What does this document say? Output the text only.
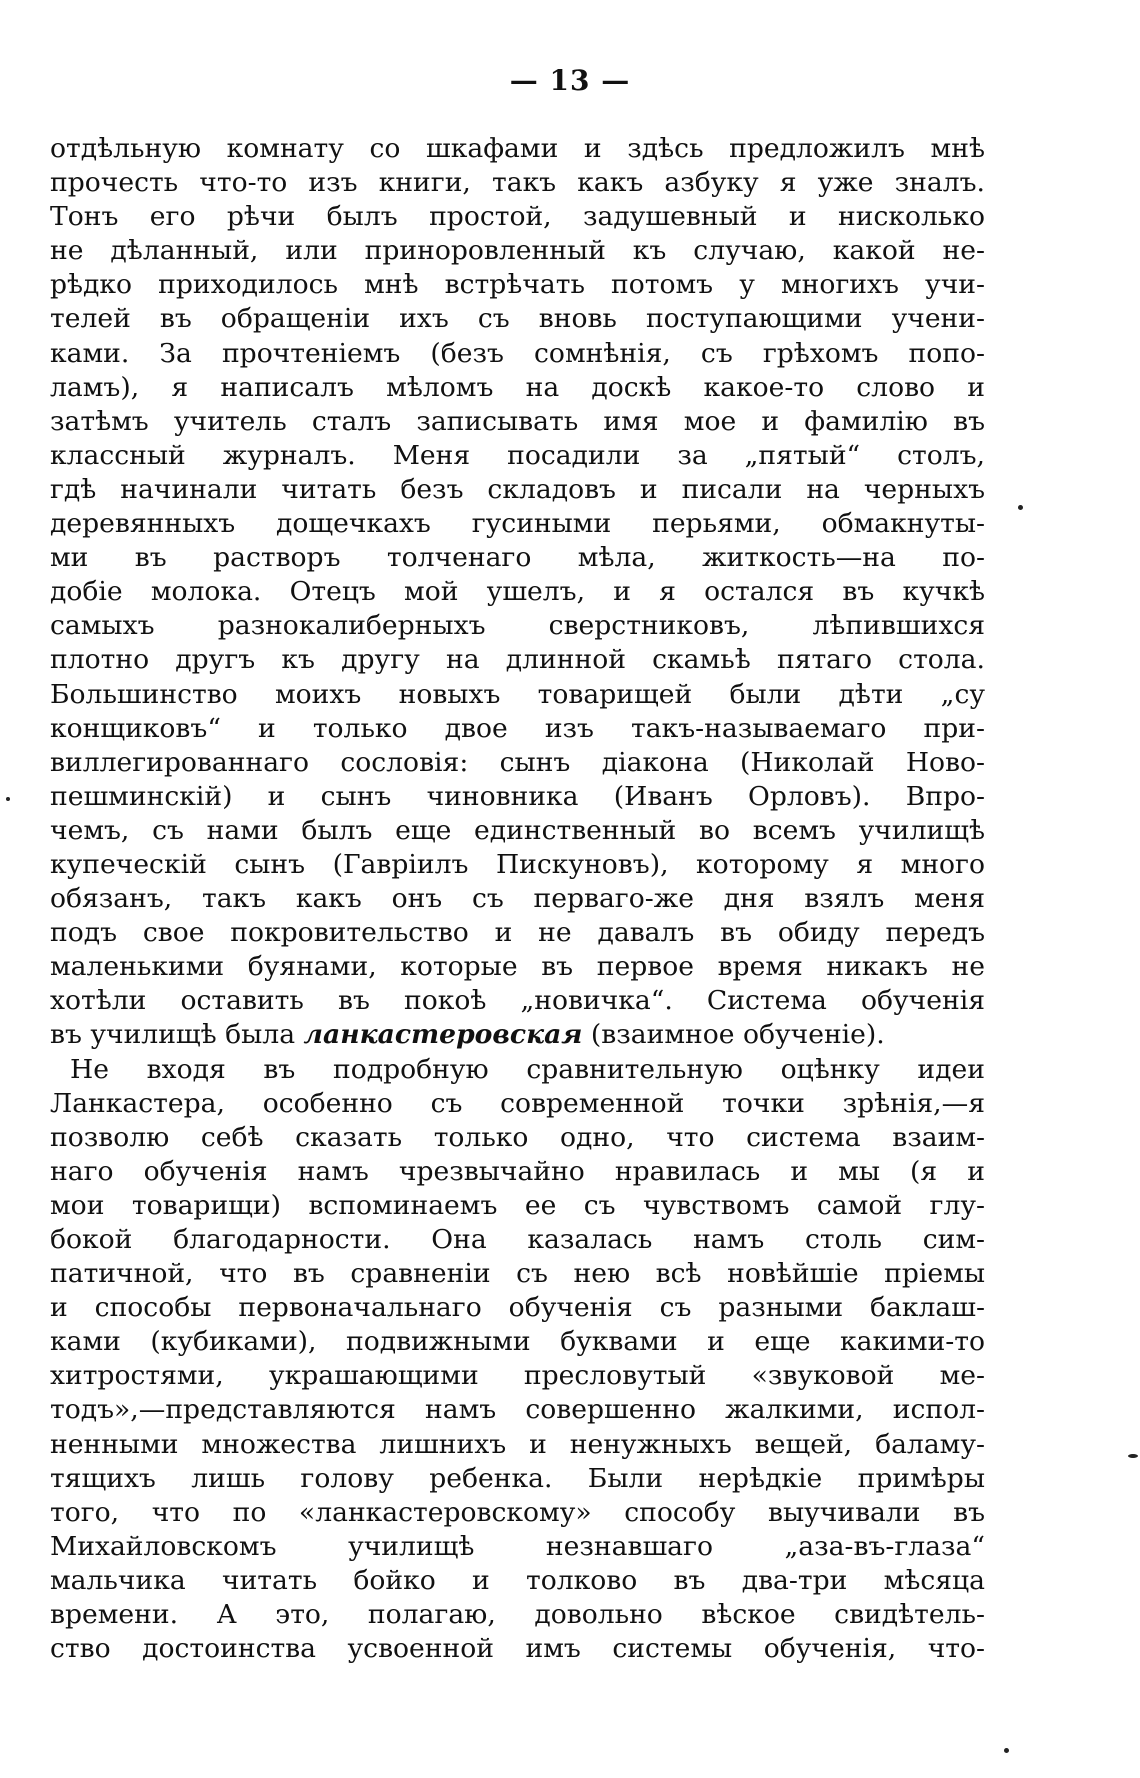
— 13 —
отдѣльную комнату со шкафами и здѣсь предложилъ мнѣ
прочесть что-то изъ книги, такъ какъ азбуку я уже зналъ.
Тонъ его рѣчи былъ простой, задушевный и нисколько
не дѣланный, или приноровленный къ случаю, какой не-
рѣдко приходилось мнѣ встрѣчать потомъ у многихъ учи-
телей въ обращеніи ихъ съ вновь поступающими учени-
ками. За прочтеніемъ (безъ сомнѣнія, съ грѣхомъ попо-
ламъ), я написалъ мѣломъ на доскѣ какое-то слово и
затѣмъ учитель сталъ записывать имя мое и фамилію въ
классный журналъ. Меня посадили за „пятый“ столъ,
гдѣ начинали читать безъ складовъ и писали на черныхъ
деревянныхъ дощечкахъ гусиными перьями, обмакнуты-
ми въ растворъ толченаго мѣла, житкость—на по-
добіе молока. Отецъ мой ушелъ, и я остался въ кучкѣ
самыхъ разнокалиберныхъ сверстниковъ, лѣпившихся
плотно другъ къ другу на длинной скамьѣ пятаго стола.
Большинство моихъ новыхъ товарищей были дѣти „су
конщиковъ“ и только двое изъ такъ-называемаго при-
виллегированнаго сословія: сынъ діакона (Николай Ново-
пешминскій) и сынъ чиновника (Иванъ Орловъ). Впро-
чемъ, съ нами былъ еще единственный во всемъ училищѣ
купеческій сынъ (Гавріилъ Пискуновъ), которому я много
обязанъ, такъ какъ онъ съ перваго-же дня взялъ меня
подъ свое покровительство и не давалъ въ обиду передъ
маленькими буянами, которые въ первое время никакъ не
хотѣли оставить въ покоѣ „новичка“. Система обученія
въ училищѣ была ланкастеровская (взаимное обученіе).
Не входя въ подробную сравнительную оцѣнку идеи
Ланкастера, особенно съ современной точки зрѣнія,—я
позволю себѣ сказать только одно, что система взаим-
наго обученія намъ чрезвычайно нравилась и мы (я и
мои товарищи) вспоминаемъ ее съ чувствомъ самой глу-
бокой благодарности. Она казалась намъ столь сим-
патичной, что въ сравненіи съ нею всѣ новѣйшіе пріемы
и способы первоначальнаго обученія съ разными баклаш-
ками (кубиками), подвижными буквами и еще какими-то
хитростями, украшающими пресловутый «звуковой ме-
тодъ»,—представляются намъ совершенно жалкими, испол-
ненными множества лишнихъ и ненужныхъ вещей, баламу-
тящихъ лишь голову ребенка. Были нерѣдкіе примѣры
того, что по «ланкастеровскому» способу выучивали въ
Михайловскомъ училищѣ незнавшаго „аза-въ-глаза“
мальчика читать бойко и толково въ два-три мѣсяца
времени. А это, полагаю, довольно вѣское свидѣтель-
ство достоинства усвоенной имъ системы обученія, что-
